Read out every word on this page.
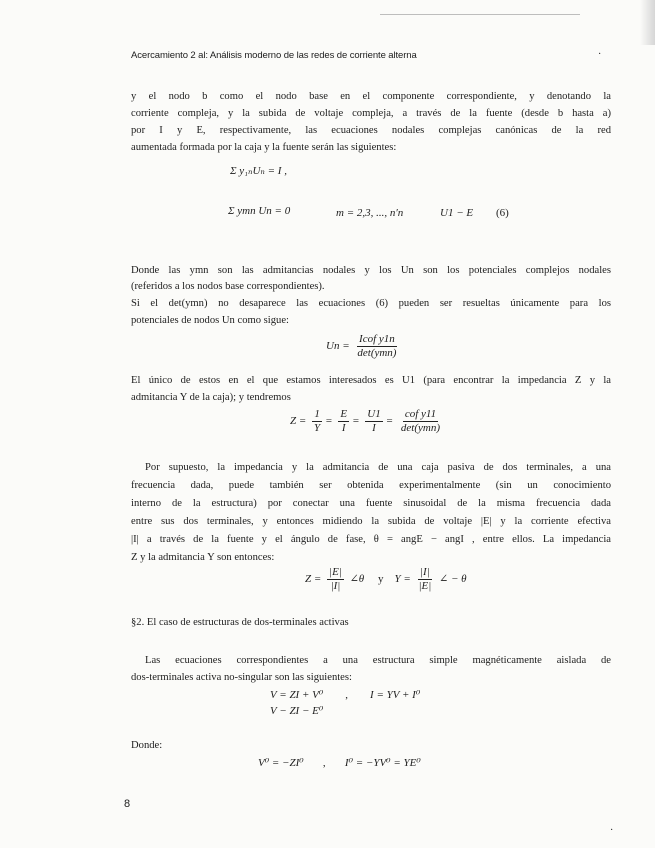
Acercamiento 2 al: Análisis moderno de las redes de corriente alterna	·
y el nodo b como el nodo base en el componente correspondiente, y denotando la
corriente compleja, y la subida de voltaje compleja, a través de la fuente (desde b hasta a)
por I y E, respectivamente, las ecuaciones nodales complejas canónicas de la red
aumentada formada por la caja y la fuente serán las siguientes:
Σ y₁ₙUₙ = I ,
Σ ymn Un = 0	m = 2,3, ..., n′n	U1 − E (6)
Donde las ymn son las admitancias nodales y los Un son los potenciales complejos nodales
(referidos a los nodos base correspondientes).
Si el det(ymn) no desaparece las ecuaciones (6) pueden ser resueltas únicamente para los
potenciales de nodos Un como sigue:
$Un = \frac{\text{Icof y1n}}{\text{det(ymn)}}$
El único de estos en el que estamos interesados es U1 (para encontrar la impedancia Z y la
admitancia Y de la caja); y tendremos
$Z = \frac{1}{Y} = \frac{E}{I} = \frac{U1}{I} = \frac{\text{cof y11}}{\text{det(ymn)}}$
Por supuesto, la impedancia y la admitancia de una caja pasiva de dos terminales, a una
frecuencia dada, puede también ser obtenida experimentalmente (sin un conocimiento
interno de la estructura) por conectar una fuente sinusoidal de la misma frecuencia dada
entre sus dos terminales, y entonces midiendo la subida de voltaje |E| y la corriente efectiva
|I| a través de la fuente y el ángulo de fase, θ = angE − angI , entre ellos. La impedancia
Z y la admitancia Y son entonces:
$Z = \frac{|E|}{|I|}$ ∠θ y $Y = \frac{|I|}{|E|}$ ∠ − θ
§2. El caso de estructuras de dos-terminales activas
Las ecuaciones correspondientes a una estructura simple magnéticamente aislada de
dos-terminales activa no-singular son las siguientes:
V = ZI + V⁰ , I = YV + I⁰
V − ZI − E⁰
Donde:
V⁰ = −ZI⁰ , I⁰ = −YV⁰ = YE⁰
8
·
